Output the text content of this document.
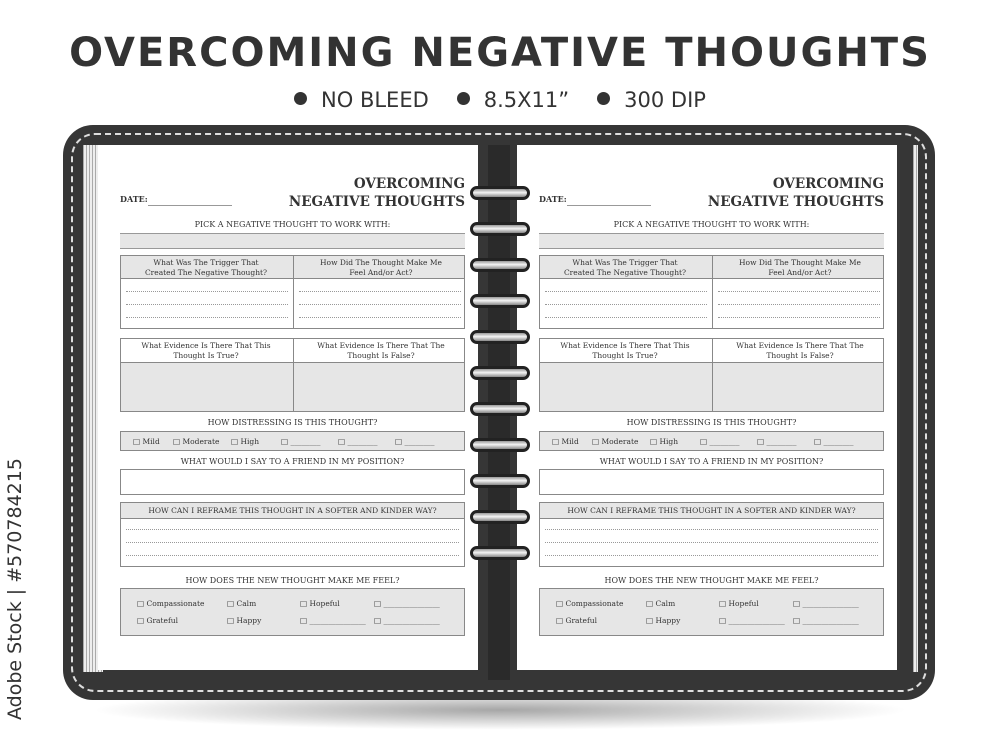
OVERCOMING NEGATIVE THOUGHTS
NO BLEED	8.5X11”	300 DIP
Adobe Stock | #570784215
DATE:
OVERCOMING
NEGATIVE THOUGHTS
PICK A NEGATIVE THOUGHT TO WORK WITH:
What Was The Trigger That Created The Negative Thought?
How Did The Thought Make Me Feel And/or Act?
What Evidence Is There That This Thought Is True?
What Evidence Is There That The Thought Is False?
HOW DISTRESSING IS THIS THOUGHT?
□ Mild □ Moderate □ High	□ ________ □ ________ □ ________
WHAT WOULD I SAY TO A FRIEND IN MY POSITION?
HOW CAN I REFRAME THIS THOUGHT IN A SOFTER AND KINDER WAY?
HOW DOES THE NEW THOUGHT MAKE ME FEEL?
□ Compassionate	□ Calm	□ Hopeful	□ _______________
□ Grateful	□ Happy	□ _______________ □ _______________
DATE:
OVERCOMING
NEGATIVE THOUGHTS
PICK A NEGATIVE THOUGHT TO WORK WITH:
What Was The Trigger That Created The Negative Thought?
How Did The Thought Make Me Feel And/or Act?
What Evidence Is There That This Thought Is True?
What Evidence Is There That The Thought Is False?
HOW DISTRESSING IS THIS THOUGHT?
□ Mild □ Moderate □ High	□ ________ □ ________ □ ________
WHAT WOULD I SAY TO A FRIEND IN MY POSITION?
HOW CAN I REFRAME THIS THOUGHT IN A SOFTER AND KINDER WAY?
HOW DOES THE NEW THOUGHT MAKE ME FEEL?
□ Compassionate	□ Calm	□ Hopeful	□ _______________
□ Grateful	□ Happy	□ _______________ □ _______________
